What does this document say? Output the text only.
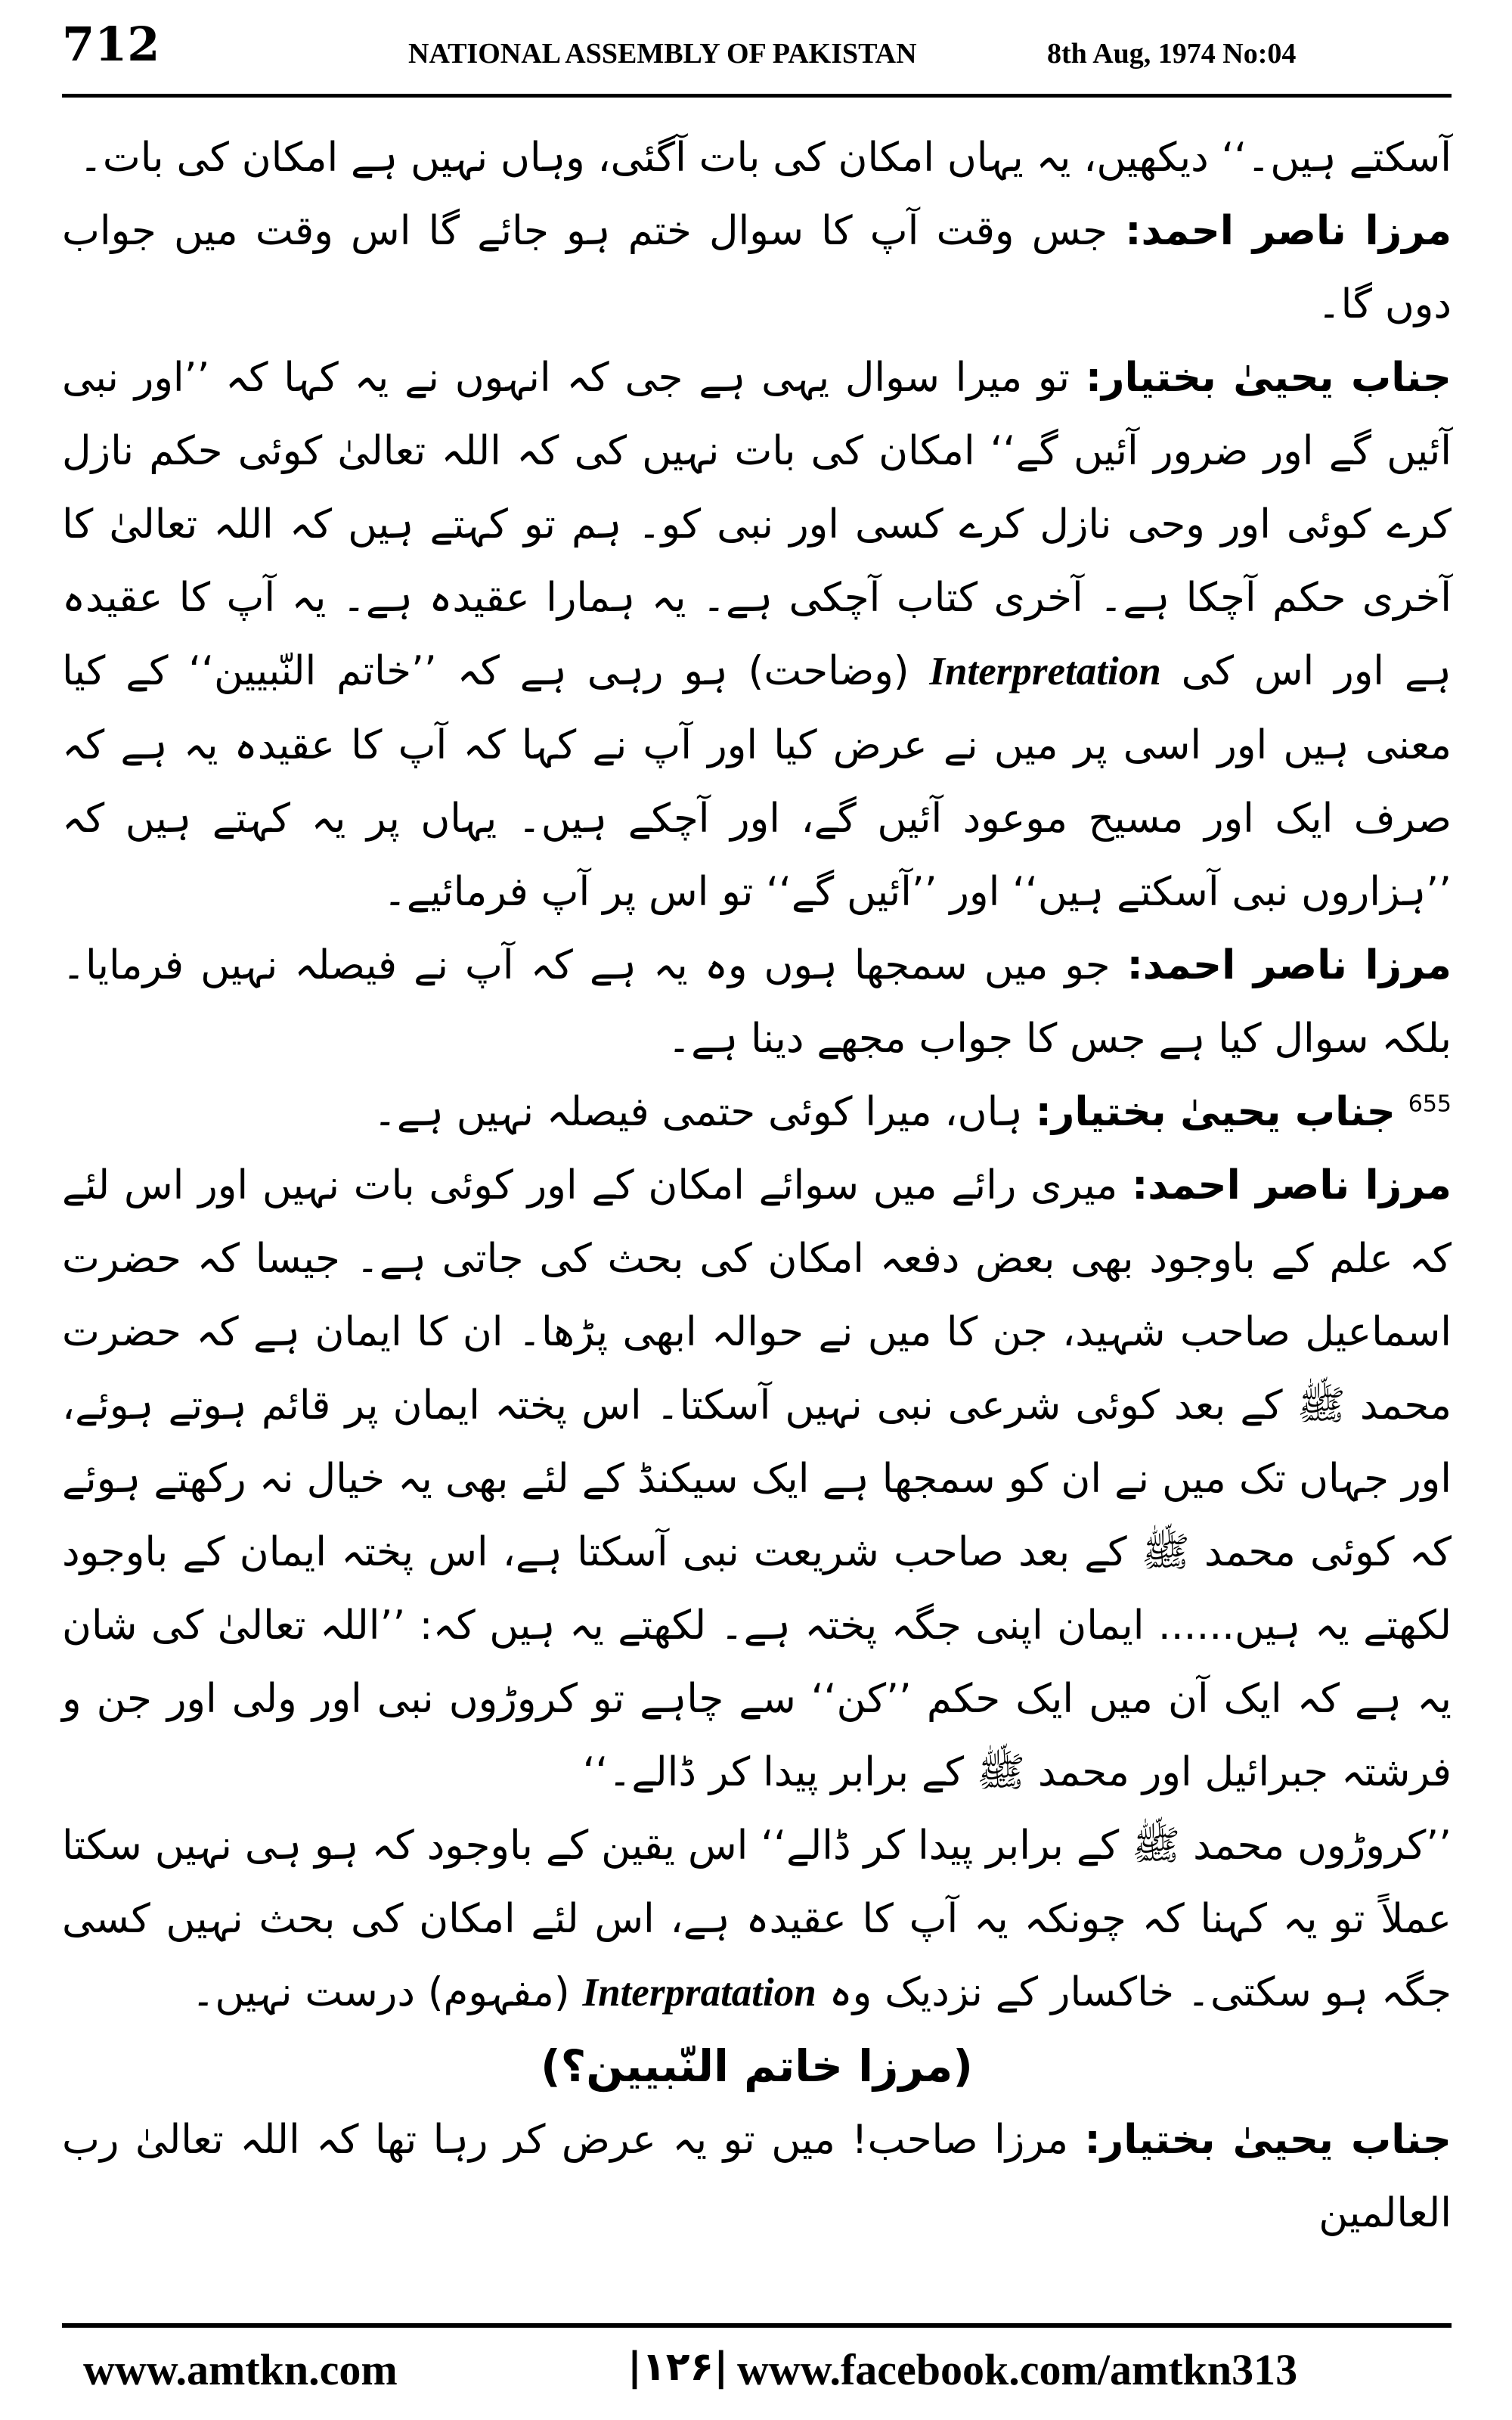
712	NATIONAL ASSEMBLY OF PAKISTAN	8th Aug, 1974 No:04

آسکتے ہیں۔‘‘ دیکھیں، یہ یہاں امکان کی بات آگئی، وہاں نہیں ہے امکان کی بات۔

مرزا ناصر احمد: جس وقت آپ کا سوال ختم ہو جائے گا اس وقت میں جواب دوں گا۔

جناب یحییٰ بختیار: تو میرا سوال یہی ہے جی کہ انہوں نے یہ کہا کہ ’’اور نبی آئیں گے اور ضرور آئیں گے‘‘ امکان کی بات نہیں کی کہ اللہ تعالیٰ کوئی حکم نازل کرے کوئی اور وحی نازل کرے کسی اور نبی کو۔ ہم تو کہتے ہیں کہ اللہ تعالیٰ کا آخری حکم آچکا ہے۔ آخری کتاب آچکی ہے۔ یہ ہمارا عقیدہ ہے۔ یہ آپ کا عقیدہ ہے اور اس کی Interpretation (وضاحت) ہو رہی ہے کہ ’’خاتم النّبیین‘‘ کے کیا معنی ہیں اور اسی پر میں نے عرض کیا اور آپ نے کہا کہ آپ کا عقیدہ یہ ہے کہ صرف ایک اور مسیح موعود آئیں گے، اور آچکے ہیں۔ یہاں پر یہ کہتے ہیں کہ ’’ہزاروں نبی آسکتے ہیں‘‘ اور ’’آئیں گے‘‘ تو اس پر آپ فرمائیے۔

مرزا ناصر احمد: جو میں سمجھا ہوں وہ یہ ہے کہ آپ نے فیصلہ نہیں فرمایا۔ بلکہ سوال کیا ہے جس کا جواب مجھے دینا ہے۔

$^{655}$ جناب یحییٰ بختیار: ہاں، میرا کوئی حتمی فیصلہ نہیں ہے۔

مرزا ناصر احمد: میری رائے میں سوائے امکان کے اور کوئی بات نہیں اور اس لئے کہ علم کے باوجود بھی بعض دفعہ امکان کی بحث کی جاتی ہے۔ جیسا کہ حضرت اسماعیل صاحب شہید، جن کا میں نے حوالہ ابھی پڑھا۔ ان کا ایمان ہے کہ حضرت محمد ﷺ کے بعد کوئی شرعی نبی نہیں آسکتا۔ اس پختہ ایمان پر قائم ہوتے ہوئے، اور جہاں تک میں نے ان کو سمجھا ہے ایک سیکنڈ کے لئے بھی یہ خیال نہ رکھتے ہوئے کہ کوئی محمد ﷺ کے بعد صاحب شریعت نبی آسکتا ہے، اس پختہ ایمان کے باوجود لکھتے یہ ہیں...... ایمان اپنی جگہ پختہ ہے۔ لکھتے یہ ہیں کہ: ’’اللہ تعالیٰ کی شان یہ ہے کہ ایک آن میں ایک حکم ’’کن‘‘ سے چاہے تو کروڑوں نبی اور ولی اور جن و فرشتہ جبرائیل اور محمد ﷺ کے برابر پیدا کر ڈالے۔‘‘

’’کروڑوں محمد ﷺ کے برابر پیدا کر ڈالے‘‘ اس یقین کے باوجود کہ ہو ہی نہیں سکتا عملاً تو یہ کہنا کہ چونکہ یہ آپ کا عقیدہ ہے، اس لئے امکان کی بحث نہیں کسی جگہ ہو سکتی۔ خاکسار کے نزدیک وہ Interpratation (مفہوم) درست نہیں۔

(مرزا خاتم النّبیین؟)

جناب یحییٰ بختیار: مرزا صاحب! میں تو یہ عرض کر رہا تھا کہ اللہ تعالیٰ رب العالمین

www.amtkn.com	|۱۲۶| www.facebook.com/amtkn313
